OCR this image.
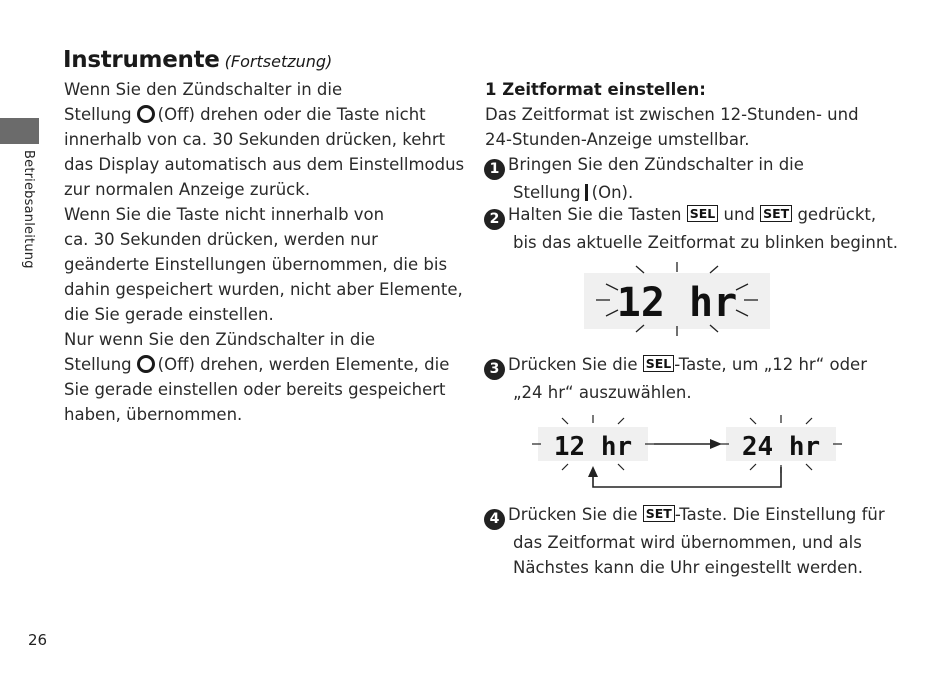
Betriebsanleitung
26
Instrumente (Fortsetzung)
Wenn Sie den Zündschalter in die
Stellung (Off) drehen oder die Taste nicht
innerhalb von ca. 30 Sekunden drücken, kehrt
das Display automatisch aus dem Einstellmodus
zur normalen Anzeige zurück.
Wenn Sie die Taste nicht innerhalb von
ca. 30 Sekunden drücken, werden nur
geänderte Einstellungen übernommen, die bis
dahin gespeichert wurden, nicht aber Elemente,
die Sie gerade einstellen.
Nur wenn Sie den Zündschalter in die
Stellung (Off) drehen, werden Elemente, die
Sie gerade einstellen oder bereits gespeichert
haben, übernommen.
1 Zeitformat einstellen:
Das Zeitformat ist zwischen 12-Stunden- und
24-Stunden-Anzeige umstellbar.
1 Bringen Sie den Zündschalter in die
Stellung (On).
2 Halten Sie die Tasten SEL und SET gedrückt,
bis das aktuelle Zeitformat zu blinken beginnt.
12 hr
3 Drücken Sie die SEL -Taste, um „12 hr“ oder
„24 hr“ auszuwählen.
12 hr	24 hr
4 Drücken Sie die SET -Taste. Die Einstellung für
das Zeitformat wird übernommen, und als
Nächstes kann die Uhr eingestellt werden.
